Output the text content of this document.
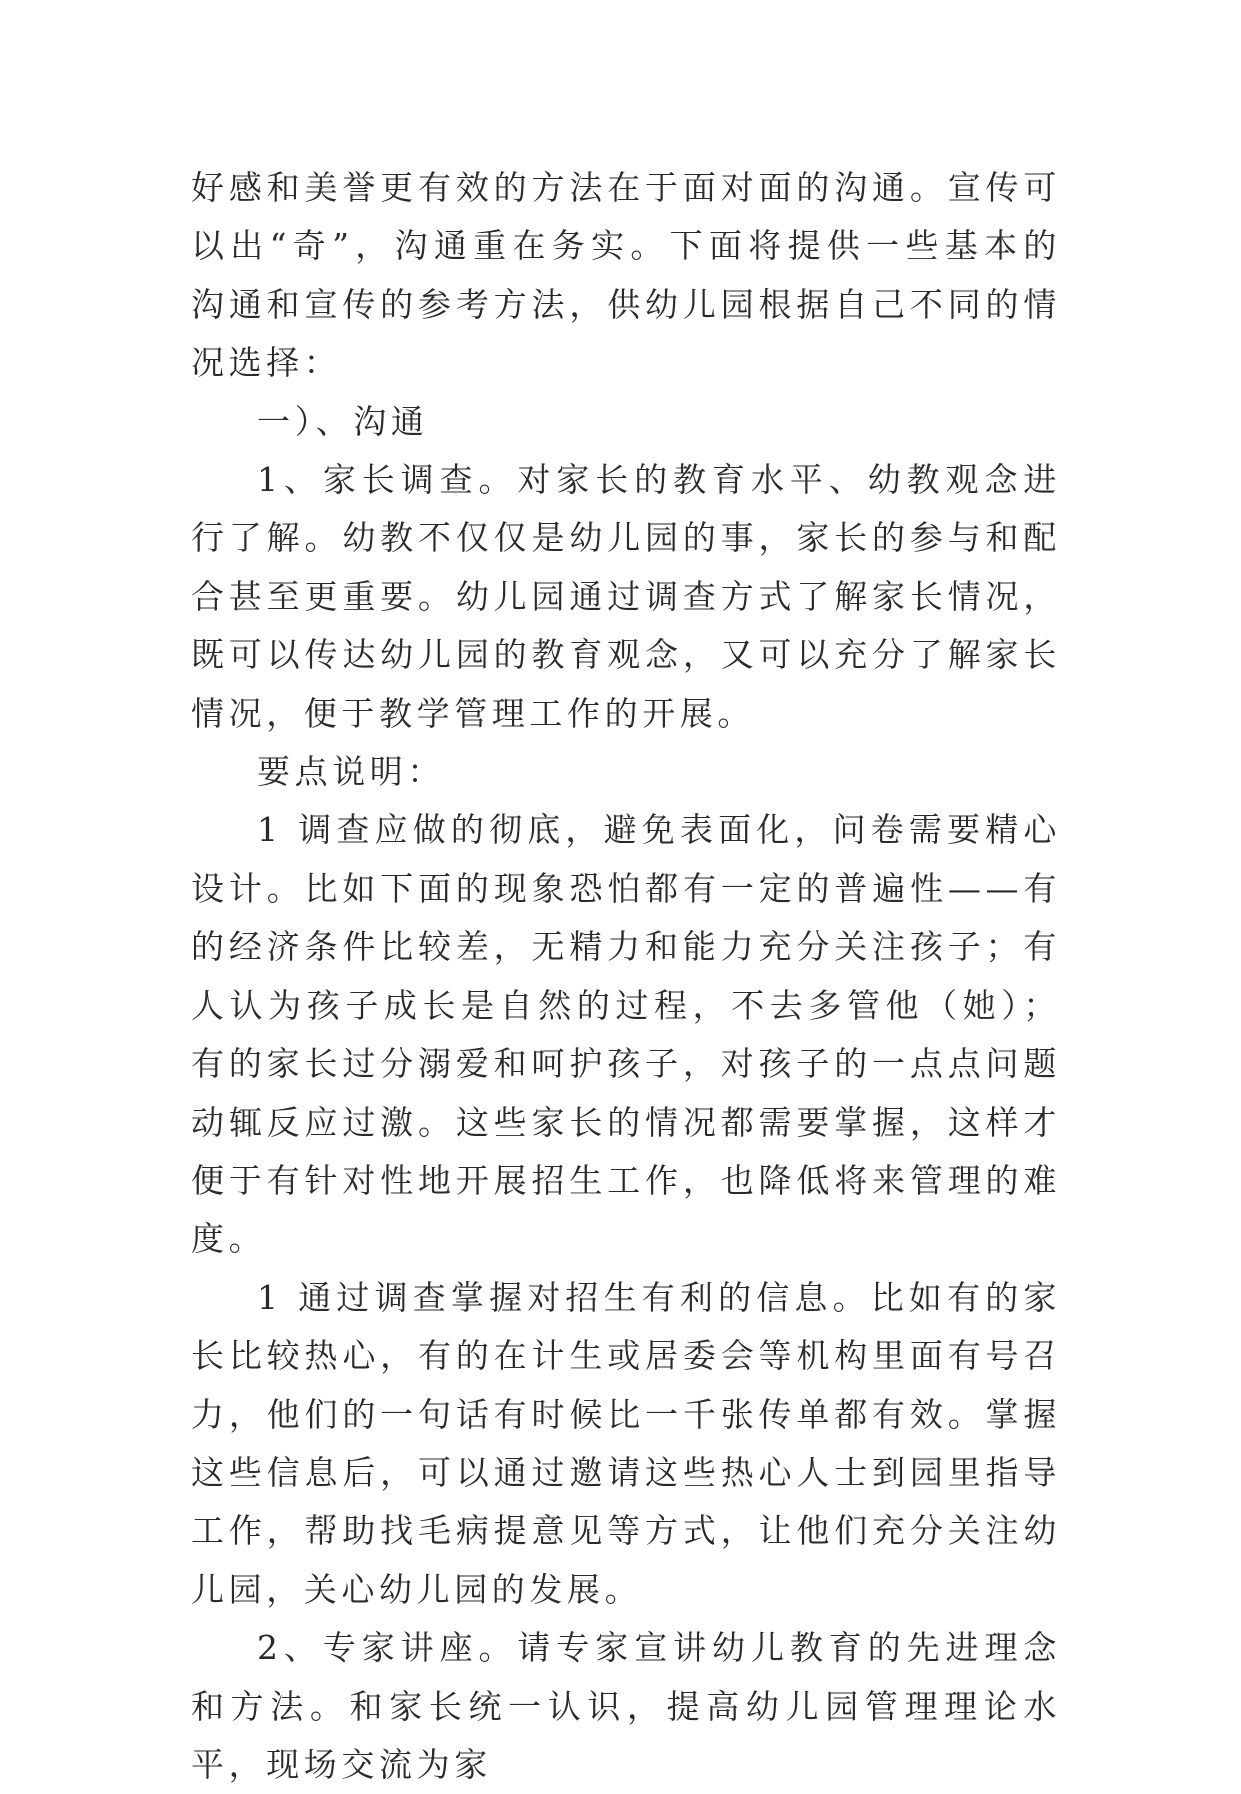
好感和美誉更有效的方法在于面对面的沟通。宣传可以出“奇”，沟通重在务实。下面将提供一些基本的沟通和宣传的参考方法，供幼儿园根据自己不同的情况选择：

一）、沟通

1、家长调查。对家长的教育水平、幼教观念进行了解。幼教不仅仅是幼儿园的事，家长的参与和配合甚至更重要。幼儿园通过调查方式了解家长情况，既可以传达幼儿园的教育观念，又可以充分了解家长情况，便于教学管理工作的开展。

要点说明：

1 调查应做的彻底，避免表面化，问卷需要精心设计。比如下面的现象恐怕都有一定的普遍性——有的经济条件比较差，无精力和能力充分关注孩子；有人认为孩子成长是自然的过程，不去多管他（她）；有的家长过分溺爱和呵护孩子，对孩子的一点点问题动辄反应过激。这些家长的情况都需要掌握，这样才便于有针对性地开展招生工作，也降低将来管理的难度。

1 通过调查掌握对招生有利的信息。比如有的家长比较热心，有的在计生或居委会等机构里面有号召力，他们的一句话有时候比一千张传单都有效。掌握这些信息后，可以通过邀请这些热心人士到园里指导工作，帮助找毛病提意见等方式，让他们充分关注幼儿园，关心幼儿园的发展。

2、专家讲座。请专家宣讲幼儿教育的先进理念和方法。和家长统一认识，提高幼儿园管理理论水平，现场交流为家
